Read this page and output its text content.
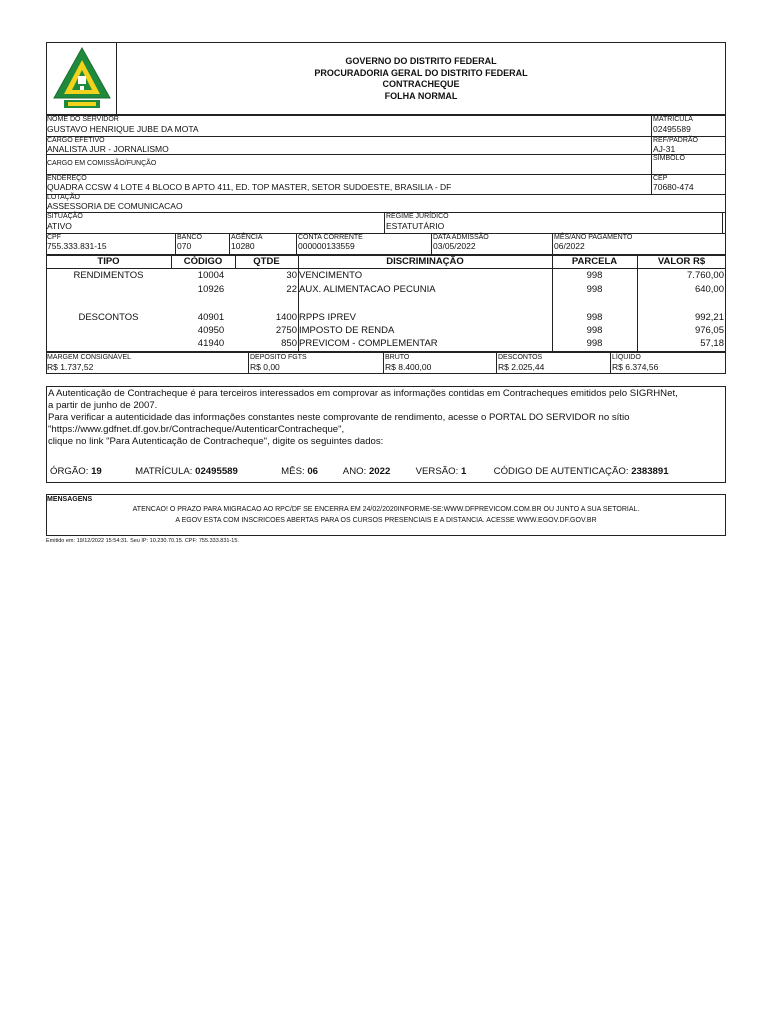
GOVERNO DO DISTRITO FEDERAL
PROCURADORIA GERAL DO DISTRITO FEDERAL
CONTRACHEQUE
FOLHA NORMAL
NOME DO SERVIDOR
GUSTAVO HENRIQUE JUBE DA MOTA
MATRÍCULA
02495589
CARGO EFETIVO
ANALISTA JUR - JORNALISMO
REF/PADRÃO
AJ-31
CARGO EM COMISSÃO/FUNÇÃO
SÍMBOLO
ENDEREÇO
QUADRA CCSW 4 LOTE 4 BLOCO B APTO 411, ED. TOP MASTER, SETOR SUDOESTE, BRASILIA - DF
CEP
70680-474
LOTAÇÃO
ASSESSORIA DE COMUNICACAO
SITUAÇÃO
ATIVO
REGIME JURÍDICO
ESTATUTÁRIO
CPF
755.333.831-15
BANCO
070
AGÊNCIA
10280
CONTA CORRENTE
000000133559
DATA ADMISSÃO
03/05/2022
MÊS/ANO PAGAMENTO
06/2022
TIPO	CÓDIGO	QTDE	DISCRIMINAÇÃO	PARCELA	VALOR R$
RENDIMENTOS	10004	30 VENCIMENTO	998	7.760,00
10926	22 AUX. ALIMENTACAO PECUNIA	998	640,00
DESCONTOS	40901	1400 RPPS IPREV	998	992,21
40950	2750 IMPOSTO DE RENDA	998	976,05
41940	850 PREVICOM - COMPLEMENTAR	998	57,18
MARGEM CONSIGNÁVEL
R$ 1.737,52
DEPÓSITO FGTS
R$ 0,00
BRUTO
R$ 8.400,00
DESCONTOS
R$ 2.025,44
LÍQUIDO
R$ 6.374,56
A Autenticação de Contracheque é para terceiros interessados em comprovar as informações contidas em Contracheques emitidos pelo SIGRHNet,
a partir de junho de 2007.
Para verificar a autenticidade das informações constantes neste comprovante de rendimento, acesse o PORTAL DO SERVIDOR no sítio
"https://www.gdfnet.df.gov.br/Contracheque/AutenticarContracheque",
clique no link "Para Autenticação de Contracheque", digite os seguintes dados:
ÓRGÃO: 19	MATRÍCULA: 02495589	MÊS: 06	ANO: 2022	VERSÃO: 1	CÓDIGO DE AUTENTICAÇÃO: 2383891
MENSAGENS
ATENCAO! O PRAZO PARA MIGRACAO AO RPC/DF SE ENCERRA EM 24/02/2020INFORME-SE:WWW.DFPREVICOM.COM.BR OU JUNTO A SUA SETORIAL.
A EGOV ESTA COM INSCRICOES ABERTAS PARA OS CURSOS PRESENCIAIS E A DISTANCIA. ACESSE WWW.EGOV.DF.GOV.BR
Emitido em: 19/12/2022 15:54:31. Seu IP: 10.230.70.15. CPF: 755.333.831-15.
